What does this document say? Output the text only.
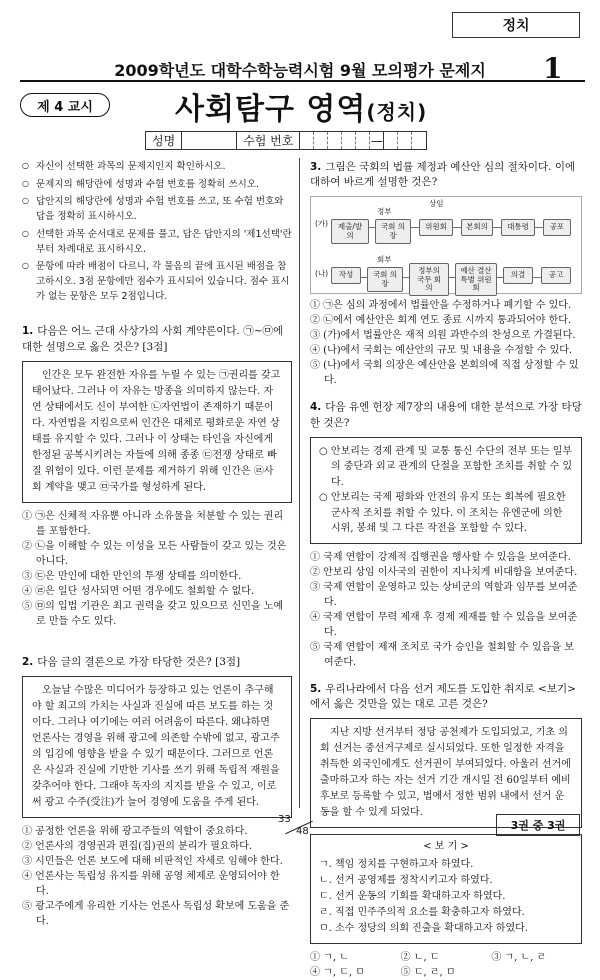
정치
2009학년도 대학수학능력시험 9월 모의평가 문제지	1
제 4 교시	사회탐구 영역(정치)
성명	수험 번호	—
○ 자신이 선택한 과목의 문제지인지 확인하시오.
○ 문제지의 해당란에 성명과 수험 번호를 정확히 쓰시오.
○ 답안지의 해당란에 성명과 수험 번호를 쓰고, 또 수험 번호와 답을 정확히 표시하시오.
○ 선택한 과목 순서대로 문제를 풀고, 답은 답안지의 '제1선택'란부터 차례대로 표시하시오.
○ 문항에 따라 배점이 다르니, 각 물음의 끝에 표시된 배점을 참고하시오. 3점 문항에만 점수가 표시되어 있습니다. 점수 표시가 없는 문항은 모두 2점입니다.
1. 다음은 어느 근대 사상가의 사회 계약론이다. ㉠~㉤에 대한 설명으로 옳은 것은? [3점]
인간은 모두 완전한 자유를 누릴 수 있는 ㉠권리를 갖고 태어났다. 그러나 이 자유는 방종을 의미하지 않는다. 자연 상태에서도 신이 부여한 ㉡자연법이 존재하기 때문이다. 자연법을 지킴으로써 인간은 대체로 평화로운 자연 상태를 유지할 수 있다. 그러나 이 상태는 타인을 자신에게 한정된 공복시키려는 자들에 의해 종종 ㉢전쟁 상태로 빠질 위험이 있다. 이런 문제를 제거하기 위해 인간은 ㉣사회 계약을 맺고 ㉤국가를 형성하게 된다.
① ㉠은 신체적 자유뿐 아니라 소유물을 처분할 수 있는 권리를 포함한다.
② ㉡을 이해할 수 있는 이성을 모든 사람들이 갖고 있는 것은 아니다.
③ ㉢은 만인에 대한 만인의 투쟁 상태를 의미한다.
④ ㉣은 일단 성사되면 어떤 경우에도 철회할 수 없다.
⑤ ㉤의 입법 기관은 최고 권력을 갖고 있으므로 신민을 노예로 만들 수도 있다.
2. 다음 글의 결론으로 가장 타당한 것은? [3점]
오늘날 수많은 미디어가 등장하고 있는 언론이 추구해야 할 최고의 가치는 사실과 진실에 따른 보도를 하는 것이다. 그러나 여기에는 여러 어려움이 따른다. 왜냐하면 언론사는 경영을 위해 광고에 의존할 수밖에 없고, 광고주의 입김에 영향을 받을 수 있기 때문이다. 그러므로 언론은 사실과 진실에 기반한 기사를 쓰기 위해 독립적 재원을 갖추어야 한다. 그래야 독자의 지지를 받을 수 있고, 이로써 광고 수주(受注)가 늘어 경영에 도움을 주게 된다.
① 공정한 언론을 위해 광고주들의 역할이 중요하다.
② 언론사의 경영권과 편집(집)권의 분리가 필요하다.
③ 시민들은 언론 보도에 대해 비판적인 자세로 임해야 한다.
④ 언론사는 독립성 유지를 위해 공영 체제로 운영되어야 한다.
⑤ 광고주에게 유리한 기사는 언론사 독립성 확보에 도움을 준다.
3. 그림은 국회의 법률 제정과 예산안 심의 절차이다. 이에 대하여 바르게 설명한 것은?
(가)
(나)
상임
정부
회부
제출/발의
국회 의장
위원회	본회의	대통령	공포
작성	국회 의장
정부의 국무 회의
예산 결산 특별 위원회
의결	공고
① ㉠은 심의 과정에서 법률안을 수정하거나 폐기할 수 있다.
② ㉡에서 예산안은 회계 연도 종료 시까지 통과되어야 한다.
③ (가)에서 법률안은 재적 의원 과반수의 찬성으로 가결된다.
④ (나)에서 국회는 예산안의 규모 및 내용을 수정할 수 있다.
⑤ (나)에서 국회 의장은 예산안을 본회의에 직접 상정할 수 있다.
4. 다음 유엔 헌장 제7장의 내용에 대한 분석으로 가장 타당한 것은?
○ 안보리는 경제 관계 및 교통 통신 수단의 전부 또는 일부의 중단과 외교 관계의 단절을 포함한 조치를 취할 수 있다.
○ 안보리는 국제 평화와 안전의 유지 또는 회복에 필요한 군사적 조치를 취할 수 있다. 이 조치는 유엔군에 의한 시위, 봉쇄 및 그 다른 작전을 포함할 수 있다.
① 국제 연합이 강제적 집행권을 행사할 수 있음을 보여준다.
② 안보리 상임 이사국의 권한이 지나치게 비대함을 보여준다.
③ 국제 연합이 운영하고 있는 상비군의 역할과 임무를 보여준다.
④ 국제 연합이 무력 제재 후 경제 제재를 할 수 있음을 보여준다.
⑤ 국제 연합이 제재 조치로 국가 승인을 철회할 수 있음을 보여준다.
5. 우리나라에서 다음 선거 제도를 도입한 취지로 <보기>에서 옳은 것만을 있는 대로 고른 것은?
지난 지방 선거부터 정당 공천제가 도입되었고, 기초 의회 선거는 중선거구제로 실시되었다. 또한 일정한 자격을 취득한 외국인에게도 선거권이 부여되었다. 아울러 선거에 출마하고자 하는 자는 선거 기간 개시일 전 60일부터 예비 후보로 등록할 수 있고, 법에서 정한 범위 내에서 선거 운동을 할 수 있게 되었다.
< 보 기 >
ㄱ. 책임 정치를 구현하고자 하였다.
ㄴ. 선거 공영제를 정착시키고자 하였다.
ㄷ. 선거 운동의 기회를 확대하고자 하였다.
ㄹ. 직접 민주주의적 요소를 확충하고자 하였다.
ㅁ. 소수 정당의 의회 진출을 확대하고자 하였다.
① ㄱ, ㄴ	② ㄴ, ㄷ	③ ㄱ, ㄴ, ㄹ
④ ㄱ, ㄷ, ㅁ	⑤ ㄷ, ㄹ, ㅁ
33
48	3권 중 3권
